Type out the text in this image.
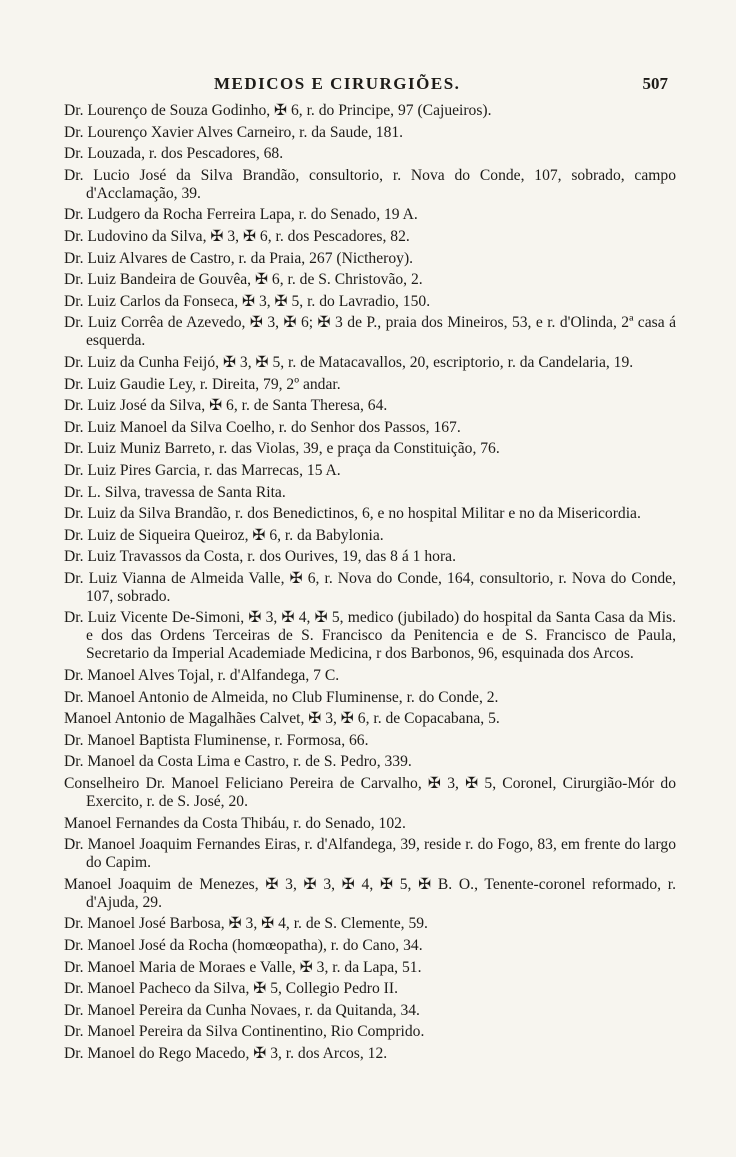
MEDICOS E CIRURGIÕES.	507

Dr. Lourenço de Souza Godinho, ✠ 6, r. do Principe, 97 (Cajueiros).

Dr. Lourenço Xavier Alves Carneiro, r. da Saude, 181.

Dr. Louzada, r. dos Pescadores, 68.

Dr. Lucio José da Silva Brandão, consultorio, r. Nova do Conde, 107, sobrado, campo d'Acclamação, 39.

Dr. Ludgero da Rocha Ferreira Lapa, r. do Senado, 19 A.

Dr. Ludovino da Silva, ✠ 3, ✠ 6, r. dos Pescadores, 82.

Dr. Luiz Alvares de Castro, r. da Praia, 267 (Nictheroy).

Dr. Luiz Bandeira de Gouvêa, ✠ 6, r. de S. Christovão, 2.

Dr. Luiz Carlos da Fonseca, ✠ 3, ✠ 5, r. do Lavradio, 150.

Dr. Luiz Corrêa de Azevedo, ✠ 3, ✠ 6; ✠ 3 de P., praia dos Mineiros, 53, e r. d'Olinda, 2ª casa á esquerda.

Dr. Luiz da Cunha Feijó, ✠ 3, ✠ 5, r. de Matacavallos, 20, escriptorio, r. da Candelaria, 19.

Dr. Luiz Gaudie Ley, r. Direita, 79, 2º andar.

Dr. Luiz José da Silva, ✠ 6, r. de Santa Theresa, 64.

Dr. Luiz Manoel da Silva Coelho, r. do Senhor dos Passos, 167.

Dr. Luiz Muniz Barreto, r. das Violas, 39, e praça da Constituição, 76.

Dr. Luiz Pires Garcia, r. das Marrecas, 15 A.

Dr. L. Silva, travessa de Santa Rita.

Dr. Luiz da Silva Brandão, r. dos Benedictinos, 6, e no hospital Militar e no da Misericordia.

Dr. Luiz de Siqueira Queiroz, ✠ 6, r. da Babylonia.

Dr. Luiz Travassos da Costa, r. dos Ourives, 19, das 8 á 1 hora.

Dr. Luiz Vianna de Almeida Valle, ✠ 6, r. Nova do Conde, 164, consultorio, r. Nova do Conde, 107, sobrado.

Dr. Luiz Vicente De-Simoni, ✠ 3, ✠ 4, ✠ 5, medico (jubilado) do hospital da Santa Casa da Mis. e dos das Ordens Terceiras de S. Francisco da Penitencia e de S. Francisco de Paula, Secretario da Imperial Academiade Medicina, r dos Barbonos, 96, esquinada dos Arcos.

Dr. Manoel Alves Tojal, r. d'Alfandega, 7 C.

Dr. Manoel Antonio de Almeida, no Club Fluminense, r. do Conde, 2.

Manoel Antonio de Magalhães Calvet, ✠ 3, ✠ 6, r. de Copacabana, 5.

Dr. Manoel Baptista Fluminense, r. Formosa, 66.

Dr. Manoel da Costa Lima e Castro, r. de S. Pedro, 339.

Conselheiro Dr. Manoel Feliciano Pereira de Carvalho, ✠ 3, ✠ 5, Coronel, Cirurgião-Mór do Exercito, r. de S. José, 20.

Manoel Fernandes da Costa Thibáu, r. do Senado, 102.

Dr. Manoel Joaquim Fernandes Eiras, r. d'Alfandega, 39, reside r. do Fogo, 83, em frente do largo do Capim.

Manoel Joaquim de Menezes, ✠ 3, ✠ 3, ✠ 4, ✠ 5, ✠ B. O., Tenente-coronel reformado, r. d'Ajuda, 29.

Dr. Manoel José Barbosa, ✠ 3, ✠ 4, r. de S. Clemente, 59.

Dr. Manoel José da Rocha (homœopatha), r. do Cano, 34.

Dr. Manoel Maria de Moraes e Valle, ✠ 3, r. da Lapa, 51.

Dr. Manoel Pacheco da Silva, ✠ 5, Collegio Pedro II.

Dr. Manoel Pereira da Cunha Novaes, r. da Quitanda, 34.

Dr. Manoel Pereira da Silva Continentino, Rio Comprido.

Dr. Manoel do Rego Macedo, ✠ 3, r. dos Arcos, 12.
